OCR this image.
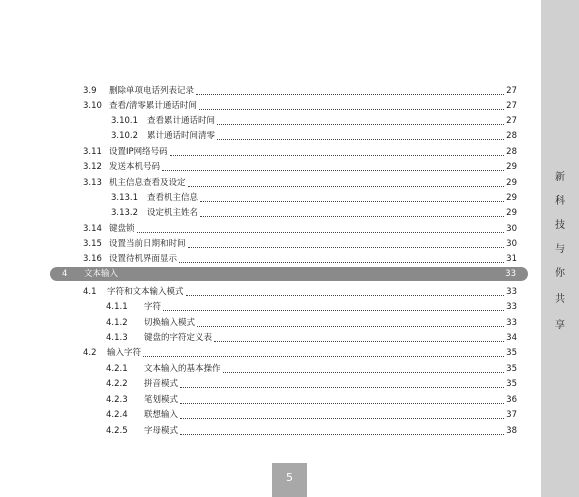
新
科
技
与
你
共
享
3.9	删除单项电话列表记录	27
3.10 查看/清零累计通话时间	27
3.10.1	查看累计通话时间	27
3.10.2	累计通话时间清零	28
3.11 设置IP网络号码	28
3.12 发送本机号码	29
3.13 机主信息查看及设定	29
3.13.1	查看机主信息	29
3.13.2	设定机主姓名	29
3.14 键盘锁	30
3.15 设置当前日期和时间	30
3.16 设置待机界面显示	31
4	文本输入	33
4.1	字符和文本输入模式	33
4.1.1	字符	33
4.1.2	切换输入模式	33
4.1.3	键盘的字符定义表	34
4.2	输入字符	35
4.2.1	文本输入的基本操作	35
4.2.2	拼音模式	35
4.2.3	笔划模式	36
4.2.4	联想输入	37
4.2.5	字母模式	38
5
